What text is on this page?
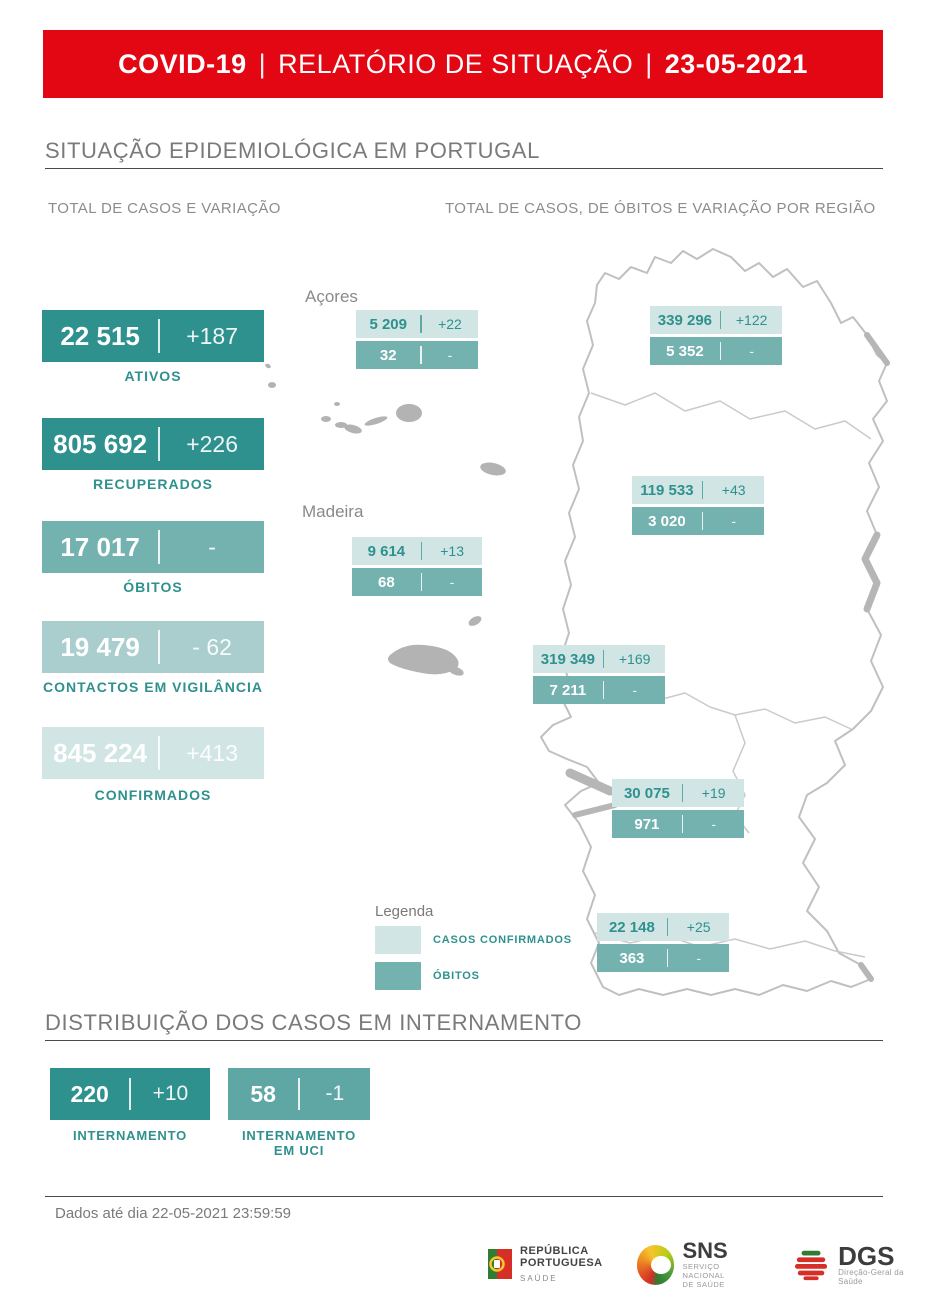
COVID-19 | RELATÓRIO DE SITUAÇÃO | 23-05-2021
SITUAÇÃO EPIDEMIOLÓGICA EM PORTUGAL
TOTAL DE CASOS E VARIAÇÃO	TOTAL DE CASOS, DE ÓBITOS E VARIAÇÃO POR REGIÃO
22 515	+187
ATIVOS
805 692	+226
RECUPERADOS
17 017	-
ÓBITOS
19 479	- 62
CONTACTOS EM VIGILÂNCIA
845 224	+413
CONFIRMADOS
Açores
5 209	+22
32	-
339 296	+122
5 352	-
119 533	+43
3 020	-
Madeira
9 614	+13
68	-
319 349	+169
7 211	-
30 075	+19
971	-
22 148	+25
363	-
Legenda
CASOS CONFIRMADOS
ÓBITOS
DISTRIBUIÇÃO DOS CASOS EM INTERNAMENTO
220	+10
INTERNAMENTO
58	-1
INTERNAMENTO
EM UCI
Dados até dia 22-05-2021 23:59:59
REPÚBLICA
PORTUGUESA
SAÚDE
SNS
SERVIÇO NACIONAL
DE SAÚDE
DGS
Direção-Geral da Saúde
